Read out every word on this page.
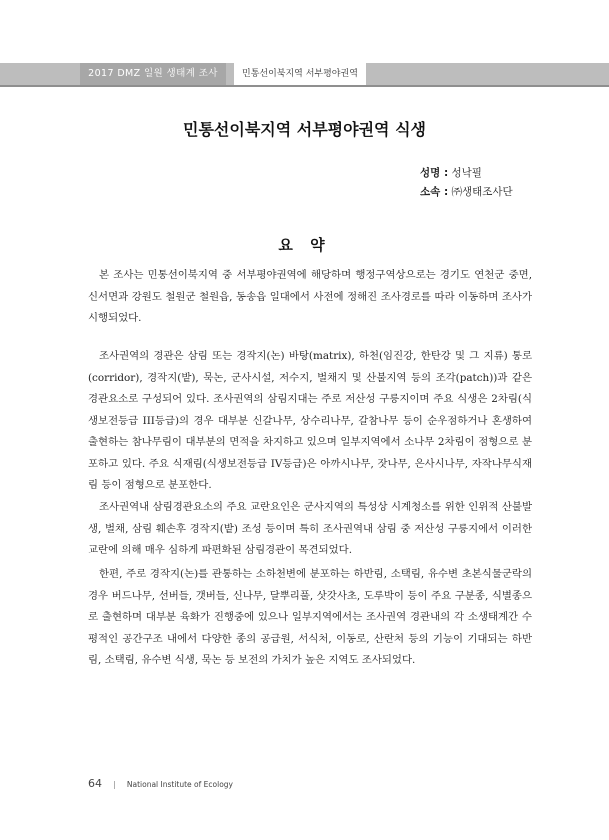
2017 DMZ 일원 생태계 조사	민통선이북지역 서부평야권역
민통선이북지역 서부평야권역 식생
성명 : 성낙필
소속 : ㈜생태조사단
요 약

본 조사는 민통선이북지역 중 서부평야권역에 해당하며 행정구역상으로는 경기도 연천군 중면, 신서면과 강원도 철원군 철원읍, 동송읍 일대에서 사전에 정해진 조사경로를 따라 이동하며 조사가 시행되었다.

조사권역의 경관은 삼림 또는 경작지(논) 바탕(matrix), 하천(임진강, 한탄강 및 그 지류) 통로(corridor), 경작지(밭), 묵논, 군사시설, 저수지, 벌채지 및 산불지역 등의 조각(patch))과 같은 경관요소로 구성되어 있다. 조사권역의 삼림지대는 주로 저산성 구릉지이며 주요 식생은 2차림(식생보전등급 III등급)의 경우 대부분 신갈나무, 상수리나무, 갈참나무 등이 순우점하거나 혼생하여 출현하는 참나무림이 대부분의 면적을 차지하고 있으며 일부지역에서 소나무 2차림이 점형으로 분포하고 있다. 주요 식재림(식생보전등급 IV등급)은 아까시나무, 잣나무, 은사시나무, 자작나무식재림 등이 점형으로 분포한다.

조사권역내 삼림경관요소의 주요 교란요인은 군사지역의 특성상 시계청소를 위한 인위적 산불발생, 벌채, 삼림 훼손후 경작지(밭) 조성 등이며 특히 조사권역내 삼림 중 저산성 구릉지에서 이러한 교란에 의해 매우 심하게 파편화된 삼림경관이 목견되었다.

한편, 주로 경작지(논)를 관통하는 소하천변에 분포하는 하반림, 소택림, 유수변 초본식물군락의 경우 버드나무, 선버들, 갯버들, 신나무, 달뿌리풀, 삿갓사초, 도루박이 등이 주요 구분종, 식별종으로 출현하며 대부분 육화가 진행중에 있으나 일부지역에서는 조사권역 경관내의 각 소생태계간 수평적인 공간구조 내에서 다양한 종의 공급원, 서식처, 이동로, 산란처 등의 기능이 기대되는 하반림, 소택림, 유수변 식생, 묵논 등 보전의 가치가 높은 지역도 조사되었다.

64 | National Institute of Ecology
